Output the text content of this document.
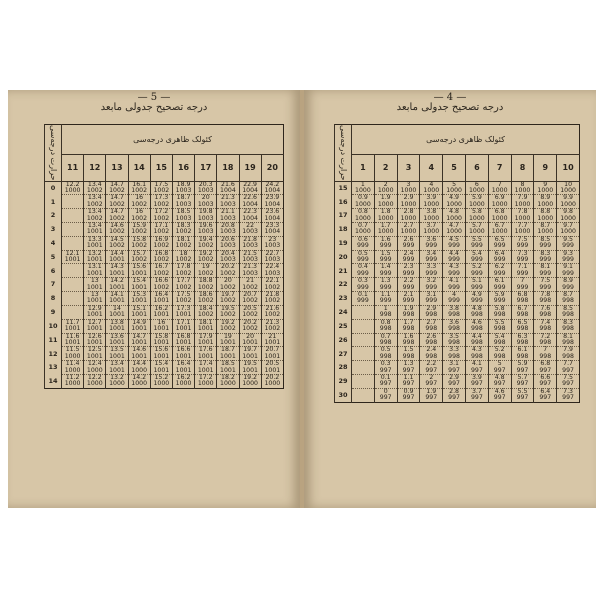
— 5 —
درجه تصحیح جدولی مابعد
حرارت درجه‌سی	کئولک ظاهری درجه‌سی									
	11	12	13	14	15	16	17	18	19	20
0	12.2	13.4	14.7	16.1	17.5	18.9	20.3	21.6	22.9	24.2
	1000	1002	1002	1002	1002	1003	1003	1004	1004	1004
1		13.4	14.7	16	17.3	18.7	20	21.3	22.6	23.9
		1002	1002	1002	1002	1003	1003	1003	1004	1004
2		13.4	14.7	16	17.2	18.5	19.8	21.1	22.3	23.6
		1002	1002	1002	1002	1003	1003	1003	1004	1004
3		13.4	14.6	15.9	17.1	18.3	19.6	20.8	22	23.3
		1001	1002	1002	1002	1002	1003	1003	1003	1004
4		13.3	14.5	15.8	16.9	18.1	19.4	20.6	21.8	23
		1001	1002	1002	1002	1002	1002	1003	1003	1003
5	12.1	13.2	14.4	15.7	16.8	18	19.2	20.4	21.5	22.7
	1001	1001	1001	1002	1002	1002	1002	1003	1003	1003
6		13.1	14.3	15.6	16.7	17.8	19	20.2	21.3	22.4
		1001	1001	1001	1002	1002	1002	1002	1003	1003
7		13	14.2	15.4	16.6	17.7	18.8	20	21	22.1
		1001	1001	1001	1002	1002	1002	1002	1002	1002
8		13	14.1	15.3	16.4	17.5	18.6	19.7	20.7	21.8
		1001	1001	1001	1001	1002	1002	1002	1002	1002
9		12.9	14	15.1	16.2	17.3	18.4	19.5	20.5	21.6
		1001	1001	1001	1001	1001	1002	1002	1002	1002
10	11.7	12.7	13.8	14.9	16	17.1	18.1	19.2	20.2	21.3
	1001	1001	1001	1001	1001	1001	1001	1002	1002	1002
11	11.6	12.6	13.6	14.7	15.8	16.8	17.9	19	20	21
	1001	1001	1001	1001	1001	1001	1001	1001	1001	1001
12	11.5	12.5	13.5	14.6	15.6	16.6	17.6	18.7	19.7	20.7
	1000	1001	1001	1001	1001	1001	1001	1001	1001	1001
13	11.4	12.4	13.4	14.4	15.4	16.4	17.4	18.5	19.5	20.5
	1000	1000	1001	1000	1001	1001	1001	1001	1001	1001
14	11.2	12.2	13.2	14.2	15.2	16.2	17.2	18.2	19.2	20.2
	1000	1000	1000	1000	1000	1000	1000	1000	1000	1000
— 4 —
درجه تصحیح جدولی مابعد
حرارت درجه‌سی	کئولک ظاهری درجه‌سی									
	1	2	3	4	5	6	7	8	9	10
15	1	2	3	4	5	6	7	8	9	10
	1000	1000	1000	1000	1000	1000	1000	1000	1000	1000
16	0.9	1.9	2.9	3.9	4.9	5.9	6.9	7.9	8.9	9.9
	1000	1000	1000	1000	1000	1000	1000	1000	1000	1000
17	0.8	1.8	2.8	3.8	4.8	5.8	6.8	7.8	8.8	9.8
	1000	1000	1000	1000	1000	1000	1000	1000	1000	1000
18	0.7	1.7	2.7	3.7	4.7	5.7	6.7	7.7	8.7	9.7
	1000	1000	1000	1000	1000	1000	1000	1000	1000	1000
19	0.6	1.6	2.6	3.6	4.5	5.5	6.5	7.5	8.5	9.5
	999	999	999	999	999	999	999	999	999	999
20	0.5	1.5	2.4	3.4	4.4	5.4	6.4	7.3	8.3	9.3
	999	999	999	999	999	999	999	999	999	999
21	0.4	1.4	2.3	3.3	4.3	5.2	6.2	7.1	8.1	9.1
	999	999	999	999	999	999	999	999	999	999
22	0.3	1.3	2.2	3.2	4.1	5.1	6.1	7	7.5	8.9
	999	999	999	999	999	999	999	999	999	999
23	0.1	1.1	2.1	3.1	4	4.9	5.9	6.8	7.8	8.7
	999	999	999	999	999	999	999	998	998	998
24		1	1.9	2.9	3.8	4.8	5.8	6.7	7.6	8.5
		998	998	998	998	998	998	998	998	998
25		0.8	1.7	2.7	3.6	4.6	5.5	6.5	7.4	8.3
		998	998	998	998	998	998	998	998	998
26		0.7	1.6	2.6	3.5	4.4	5.4	6.3	7.2	8.1
		998	998	998	998	998	998	998	998	998
27		0.5	1.5	2.4	3.3	4.3	5.2	6.1	7	7.9
		998	998	998	998	998	998	998	998	998
28		0.3	1.3	2.2	3.1	4.1	5	5.9	6.8	7.7
		997	997	997	997	997	997	997	997	997
29		0.1	1.1	2	2.9	3.9	4.8	5.7	6.6	7.5
		997	997	997	997	997	997	997	997	997
30		0	0.9	1.9	2.8	3.7	4.6	5.5	6.4	7.3
		997	997	997	997	997	997	997	997	997
